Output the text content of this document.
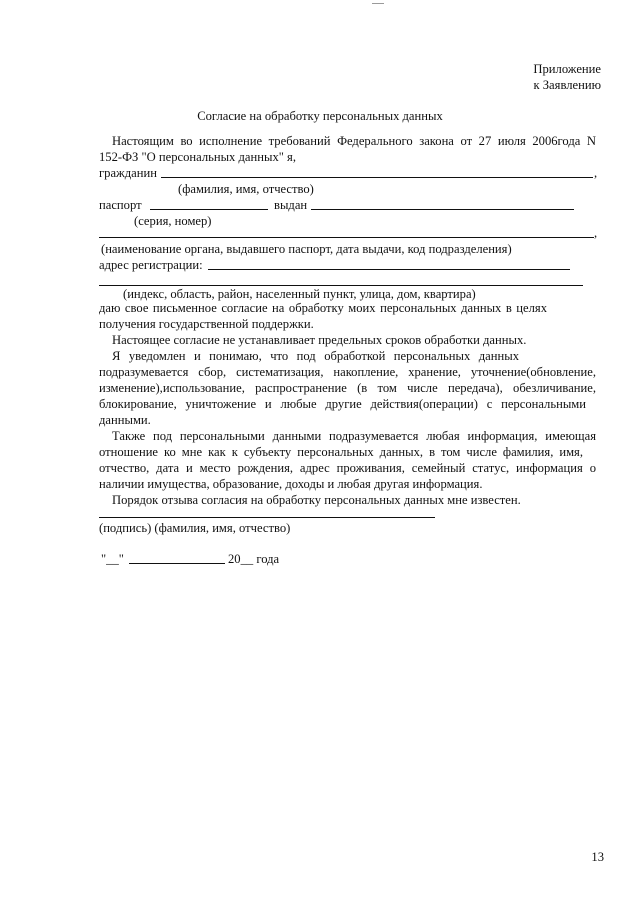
Приложение
к Заявлению
Согласие на обработку персональных данных
Настоящим во исполнение требований Федерального закона от 27 июля 2006года N
152-ФЗ "О персональных данных" я,
гражданин	,
(фамилия, имя, отчество)
паспорт	выдан
(серия, номер)
,
(наименование органа, выдавшего паспорт, дата выдачи, код подразделения)
адрес регистрации:
(индекс, область, район, населенный пункт, улица, дом, квартира)
даю свое письменное согласие на обработку моих персональных данных в целях
получения государственной поддержки.
Настоящее согласие не устанавливает предельных сроков обработки данных.
Я уведомлен и понимаю, что под обработкой персональных данных
подразумевается сбор, систематизация, накопление, хранение, уточнение(обновление,
изменение),использование, распространение (в том числе передача), обезличивание,
блокирование, уничтожение и любые другие действия(операции) с персональными
данными.
Также под персональными данными подразумевается любая информация, имеющая
отношение ко мне как к субъекту персональных данных, в том числе фамилия, имя,
отчество, дата и место рождения, адрес проживания, семейный статус, информация о
наличии имущества, образование, доходы и любая другая информация.
Порядок отзыва согласия на обработку персональных данных мне известен.
(подпись) (фамилия, имя, отчество)
"__"	20__ года
13
